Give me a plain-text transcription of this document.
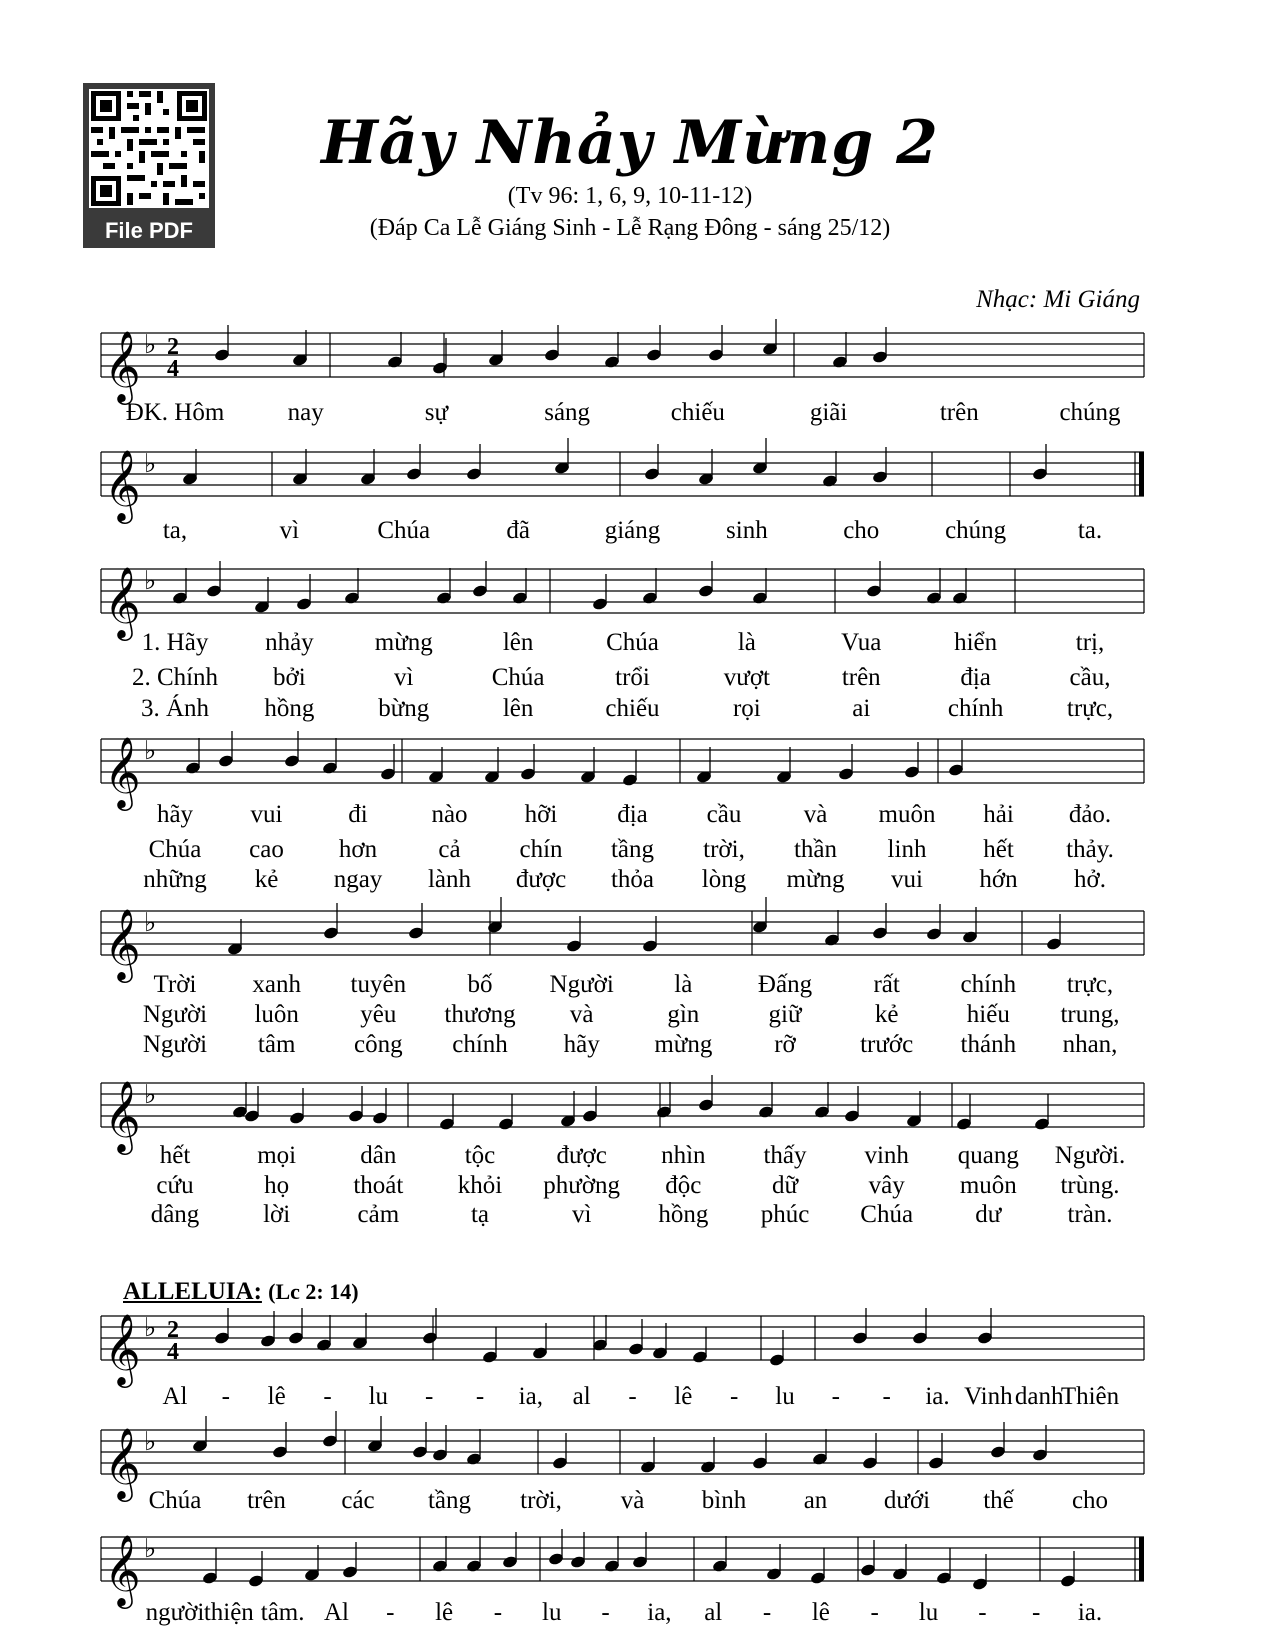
File PDF
Hãy Nhảy Mừng 2
(Tv 96: 1, 6, 9, 10-11-12)
(Đáp Ca Lễ Giáng Sinh - Lễ Rạng Đông - sáng 25/12)
Nhạc: Mi Giáng
ALLELUIA: (Lc 2: 14)
𝄞 ♭ 2
4
ĐK. Hôm	nay	sự	sáng	chiếu	giãi	trên	chúng
𝄞 ♭
ta,	vì	Chúa	đã	giáng	sinh	cho	chúng	ta.
𝄞 ♭
1. Hãy nhảy mừng	lên	Chúa	là	Vua	hiển	trị,
2. Chính bởi	vì	Chúa	trổi	vượt	trên	địa	cầu,
3. Ánh hồng	bừng	lên	chiếu	rọi	ai	chính	trực,
𝄞 ♭
hãy vui	đi	nào hỡi địa cầu và muôn hải đảo.
Chúa cao hơn cả chín tầng trời, thần linh hết thảy.
những kẻ ngay lành được thỏa lòng mừng vui hớn hở.
𝄞 ♭
Trời xanh tuyên bố Người là	Đấng rất chính trực,
Người luôn yêu thương và	gìn	giữ	kẻ	hiếu trung,
Người tâm công chính hãy mừng rỡ	trước thánh nhan,
𝄞 ♭
hết	mọi	dân	tộc được nhìn thấy vinh quang Người.
cứu	họ	thoát khỏi phường độc	dữ	vây muôn trùng.
dâng	lời	cảm	tạ	vì	hồng phúc Chúa dư	tràn.
𝄞 ♭ 2
4
Al - lê - lu - - ia, al - lê - lu - - ia. Vinh danh
Thiên
𝄞 ♭
Chúa trên các tầng trời, và bình an dưới thế cho
𝄞 ♭
người thiện tâm. Al - lê - lu - ia, al - lê - lu - - ia.
